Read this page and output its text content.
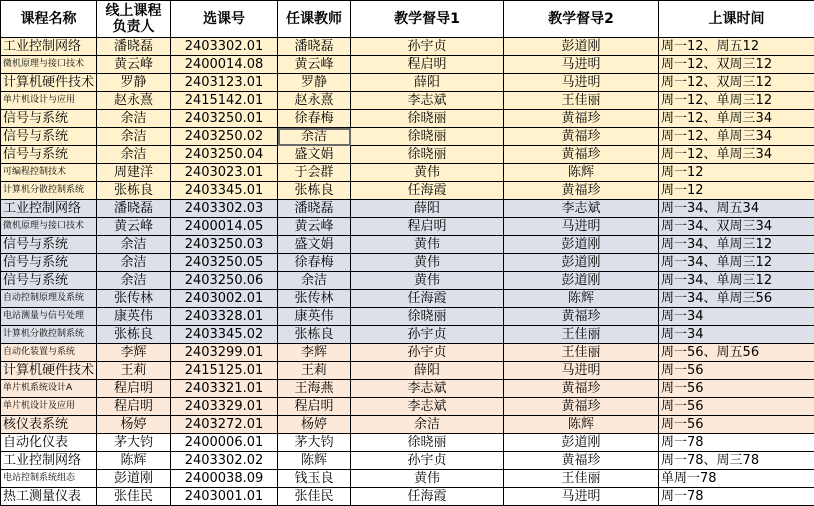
课程名称	线上课程负责人	选课号	任课教师	教学督导1	教学督导2	上课时间
工业控制网络	潘晓磊	2403302.01	潘晓磊	孙宇贞	彭道刚	周一12、周五12
微机原理与接口技术	黄云峰	2400014.08	黄云峰	程启明	马进明	周一12、双周三12
计算机硬件技术	罗静	2403123.01	罗静	薛阳	马进明	周一12、双周三12
单片机设计与应用	赵永熹	2415142.01	赵永熹	李志斌	王佳丽	周一12、单周三12
信号与系统	余洁	2403250.01	徐春梅	徐晓丽	黄福珍	周一12、单周三34
信号与系统	余洁	2403250.02	余洁	徐晓丽	黄福珍	周一12、单周三34
信号与系统	余洁	2403250.04	盛文娟	徐晓丽	黄福珍	周一12、单周三34
可编程控制技术	周建洋	2403023.01	于会群	黄伟	陈辉	周一12
计算机分散控制系统	张栋良	2403345.01	张栋良	任海霞	黄福珍	周一12
工业控制网络	潘晓磊	2403302.03	潘晓磊	薛阳	李志斌	周一34、周五34
微机原理与接口技术	黄云峰	2400014.05	黄云峰	程启明	马进明	周一34、双周三34
信号与系统	余洁	2403250.03	盛文娟	黄伟	彭道刚	周一34、单周三12
信号与系统	余洁	2403250.05	徐春梅	黄伟	彭道刚	周一34、单周三12
信号与系统	余洁	2403250.06	余洁	黄伟	彭道刚	周一34、单周三12
自动控制原理及系统	张传林	2403002.01	张传林	任海霞	陈辉	周一34、单周三56
电站测量与信号处理	康英伟	2403328.01	康英伟	徐晓丽	黄福珍	周一34
计算机分散控制系统	张栋良	2403345.02	张栋良	孙宇贞	王佳丽	周一34
自动化装置与系统	李辉	2403299.01	李辉	孙宇贞	王佳丽	周一56、周五56
计算机硬件技术	王莉	2415125.01	王莉	薛阳	马进明	周一56
单片机系统设计A	程启明	2403321.01	王海燕	李志斌	黄福珍	周一56
单片机设计及应用	程启明	2403329.01	程启明	李志斌	黄福珍	周一56
核仪表系统	杨婷	2403272.01	杨婷	余洁	陈辉	周一56
自动化仪表	茅大钧	2400006.01	茅大钧	徐晓丽	彭道刚	周一78
工业控制网络	陈辉	2403302.02	陈辉	孙宇贞	黄福珍	周一78、周三78
电站控制系统组态	彭道刚	2400038.09	钱玉良	黄伟	王佳丽	单周一78
热工测量仪表	张佳民	2403001.01	张佳民	任海霞	马进明	周一78
